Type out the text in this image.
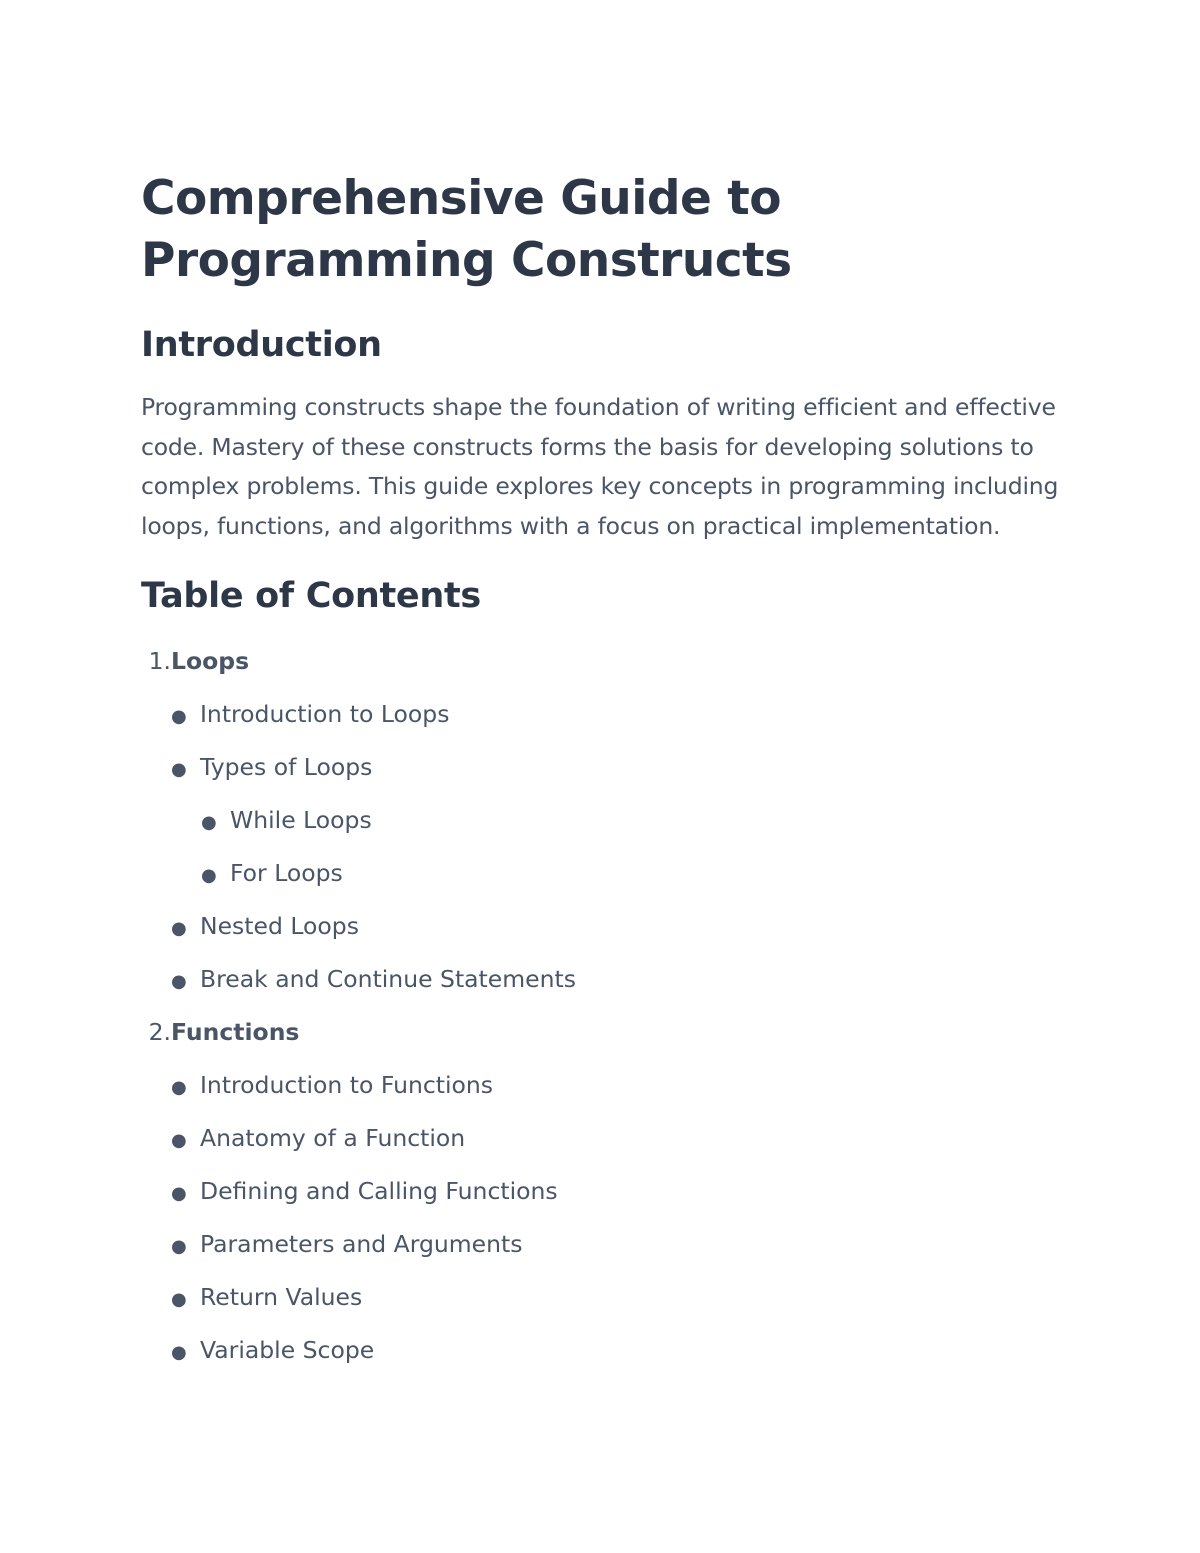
Comprehensive Guide to Programming Constructs
Introduction

Programming constructs shape the foundation of writing efficient and effective code. Mastery of these constructs forms the basis for developing solutions to complex problems. This guide explores key concepts in programming including loops, functions, and algorithms with a focus on practical implementation.

Table of Contents
1. Loops
● Introduction to Loops
● Types of Loops
● While Loops
● For Loops
● Nested Loops
● Break and Continue Statements
2. Functions
● Introduction to Functions
● Anatomy of a Function
● Defining and Calling Functions
● Parameters and Arguments
● Return Values
● Variable Scope
